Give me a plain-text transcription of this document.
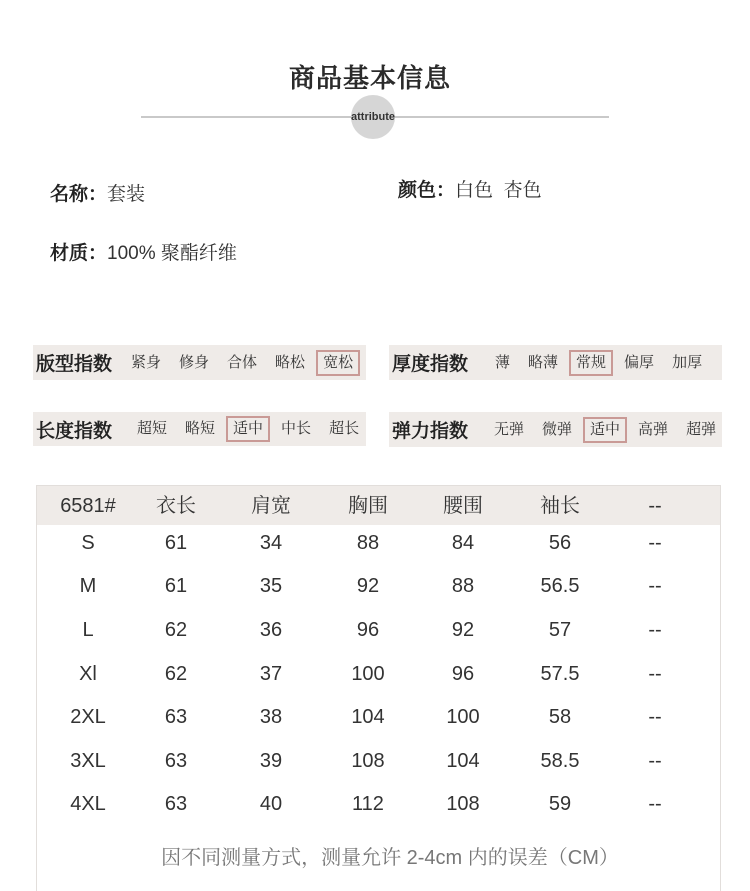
商品基本信息
attribute
名称：套装	颜色：白色  杏色
材质：100% 聚酯纤维
版型指数	紧身	修身	合体	略松	宽松	厚度指数	薄	略薄	常规	偏厚	加厚
长度指数	超短	略短	适中	中长	超长	弹力指数	无弹	微弹	适中	高弹	超弹
6581#	衣长	肩宽	胸围	腰围	袖长	--
S	61	34	88	84	56	--
M	61	35	92	88	56.5	--
L	62	36	96	92	57	--
Xl	62	37	100	96	57.5	--
2XL	63	38	104	100	58	--
3XL	63	39	108	104	58.5	--
4XL	63	40	112	108	59	--
因不同测量方式，测量允许 2-4cm 内的误差（CM）
